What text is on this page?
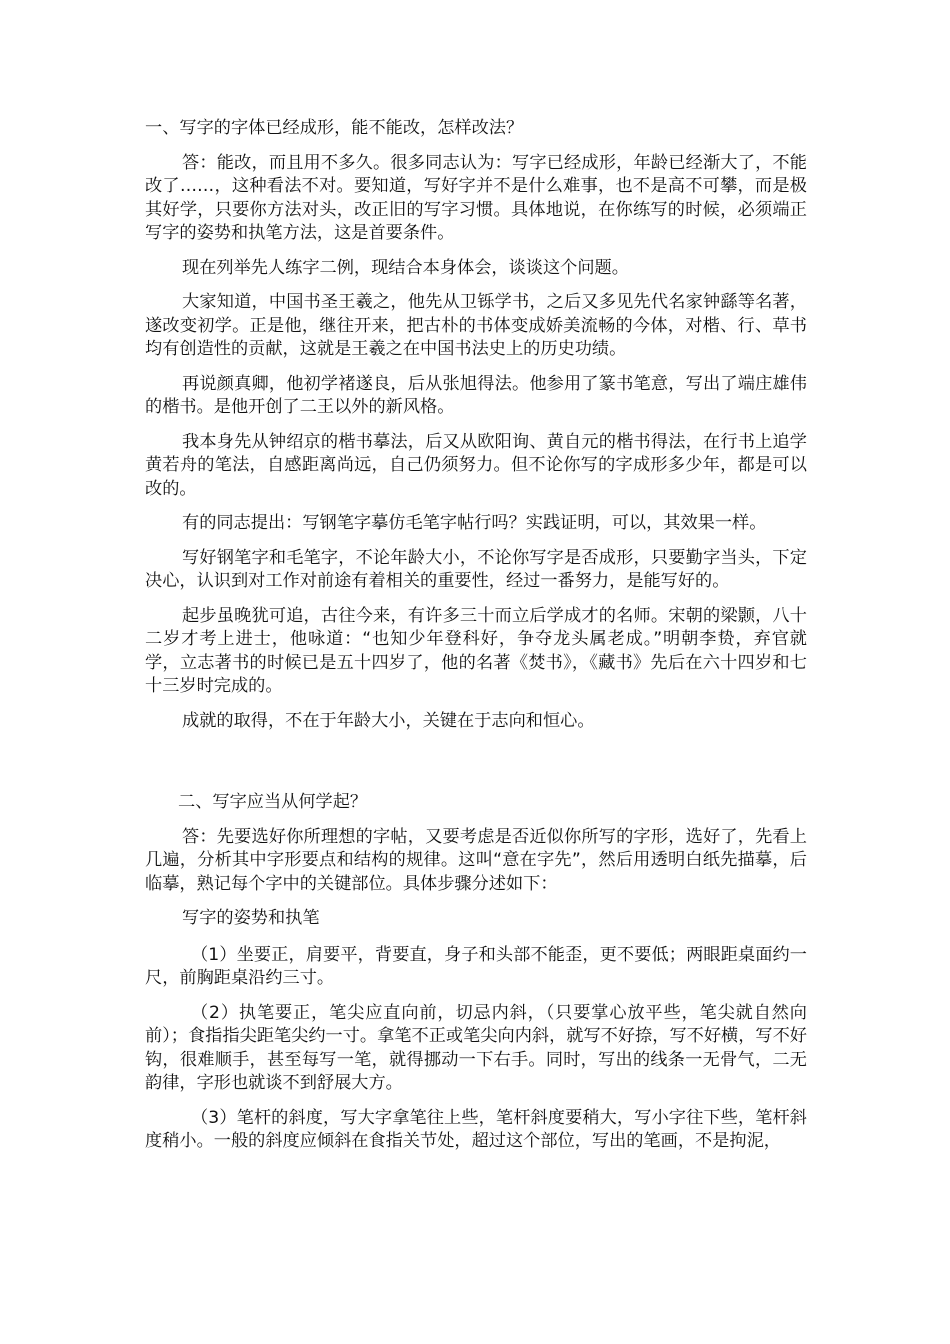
一、写字的字体已经成形，能不能改，怎样改法？

答：能改，而且用不多久。很多同志认为：写字已经成形，年龄已经渐大了，不能改了……，这种看法不对。要知道，写好字并不是什么难事，也不是高不可攀，而是极其好学，只要你方法对头，改正旧的写字习惯。具体地说，在你练写的时候，必须端正写字的姿势和执笔方法，这是首要条件。

现在列举先人练字二例，现结合本身体会，谈谈这个问题。

大家知道，中国书圣王羲之，他先从卫铄学书，之后又多见先代名家钟繇等名著，遂改变初学。正是他，继往开来，把古朴的书体变成娇美流畅的今体，对楷、行、草书均有创造性的贡献，这就是王羲之在中国书法史上的历史功绩。

再说颜真卿，他初学褚遂良，后从张旭得法。他参用了篆书笔意，写出了端庄雄伟的楷书。是他开创了二王以外的新风格。

我本身先从钟绍京的楷书摹法，后又从欧阳询、黄自元的楷书得法，在行书上追学黄若舟的笔法，自感距离尚远，自己仍须努力。但不论你写的字成形多少年，都是可以改的。

有的同志提出：写钢笔字摹仿毛笔字帖行吗？实践证明，可以，其效果一样。

写好钢笔字和毛笔字，不论年龄大小，不论你写字是否成形，只要勤字当头，下定决心，认识到对工作对前途有着相关的重要性，经过一番努力，是能写好的。

起步虽晚犹可追，古往今来，有许多三十而立后学成才的名师。宋朝的梁颢，八十二岁才考上进士，他咏道：“也知少年登科好，争夺龙头属老成。”明朝李贽，弃官就学，立志著书的时候已是五十四岁了，他的名著《焚书》，《藏书》先后在六十四岁和七十三岁时完成的。

成就的取得，不在于年龄大小，关键在于志向和恒心。

二、写字应当从何学起？

答：先要选好你所理想的字帖，又要考虑是否近似你所写的字形，选好了，先看上几遍，分析其中字形要点和结构的规律。这叫“意在字先”，然后用透明白纸先描摹，后临摹，熟记每个字中的关键部位。具体步骤分述如下：

写字的姿势和执笔

（1）坐要正，肩要平，背要直，身子和头部不能歪，更不要低；两眼距桌面约一尺，前胸距桌沿约三寸。

（2）执笔要正，笔尖应直向前，切忌内斜，（只要掌心放平些，笔尖就自然向前）；食指指尖距笔尖约一寸。拿笔不正或笔尖向内斜，就写不好捺，写不好横，写不好钩，很难顺手，甚至每写一笔，就得挪动一下右手。同时，写出的线条一无骨气，二无韵律，字形也就谈不到舒展大方。

（3）笔杆的斜度，写大字拿笔往上些，笔杆斜度要稍大，写小字往下些，笔杆斜度稍小。一般的斜度应倾斜在食指关节处，超过这个部位，写出的笔画，不是拘泥，
